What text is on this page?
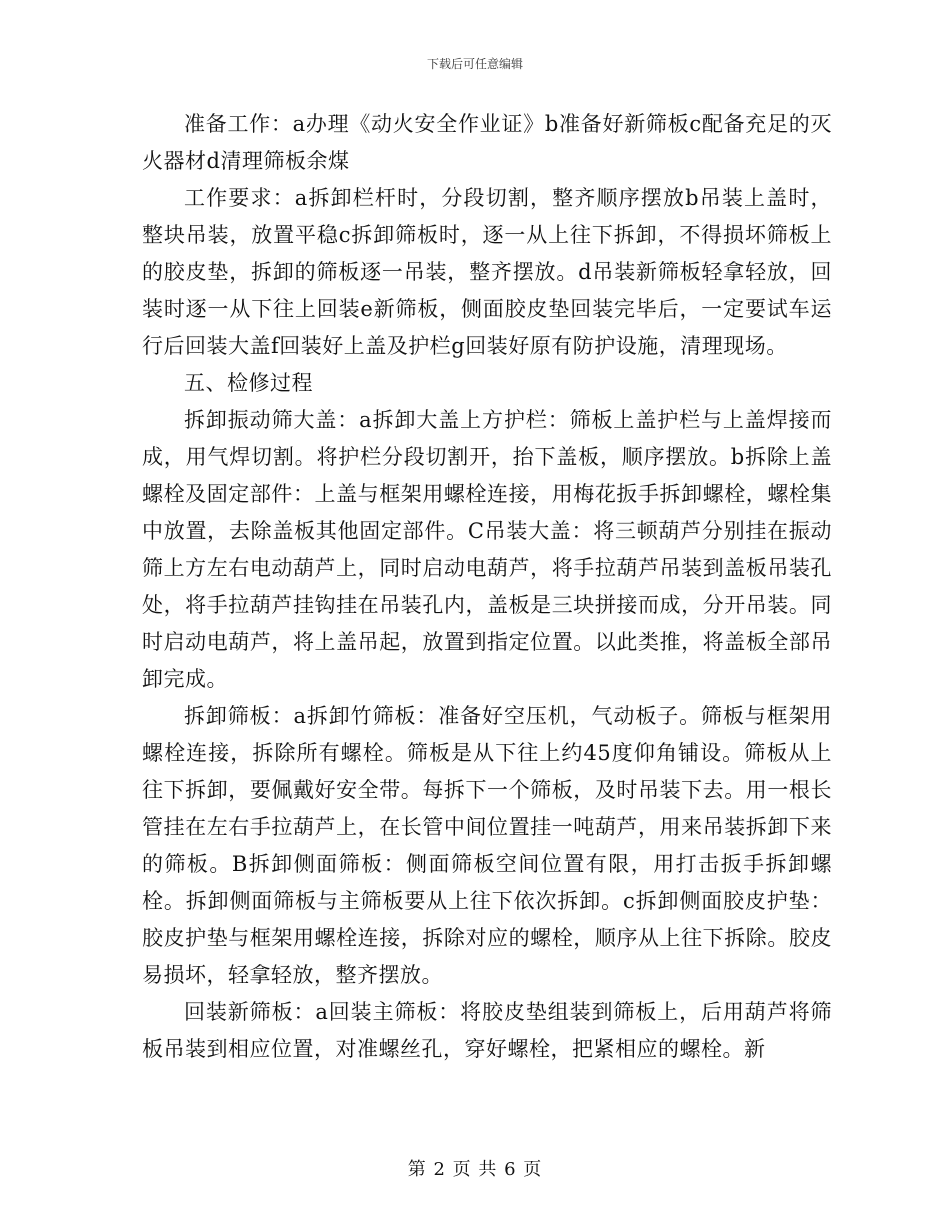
下载后可任意编辑

准备工作：a办理《动火安全作业证》b准备好新筛板c配备充足的灭火器材d清理筛板余煤

工作要求：a拆卸栏杆时，分段切割，整齐顺序摆放b吊装上盖时，整块吊装，放置平稳c拆卸筛板时，逐一从上往下拆卸，不得损坏筛板上的胶皮垫，拆卸的筛板逐一吊装，整齐摆放。d吊装新筛板轻拿轻放，回装时逐一从下往上回装e新筛板，侧面胶皮垫回装完毕后，一定要试车运行后回装大盖f回装好上盖及护栏g回装好原有防护设施，清理现场。

五、检修过程

拆卸振动筛大盖：a拆卸大盖上方护栏：筛板上盖护栏与上盖焊接而成，用气焊切割。将护栏分段切割开，抬下盖板，顺序摆放。b拆除上盖螺栓及固定部件：上盖与框架用螺栓连接，用梅花扳手拆卸螺栓，螺栓集中放置，去除盖板其他固定部件。C吊装大盖：将三顿葫芦分别挂在振动筛上方左右电动葫芦上，同时启动电葫芦，将手拉葫芦吊装到盖板吊装孔处，将手拉葫芦挂钩挂在吊装孔内，盖板是三块拼接而成，分开吊装。同时启动电葫芦，将上盖吊起，放置到指定位置。以此类推，将盖板全部吊卸完成。

拆卸筛板：a拆卸竹筛板：准备好空压机，气动板子。筛板与框架用螺栓连接，拆除所有螺栓。筛板是从下往上约45度仰角铺设。筛板从上往下拆卸，要佩戴好安全带。每拆下一个筛板，及时吊装下去。用一根长管挂在左右手拉葫芦上，在长管中间位置挂一吨葫芦，用来吊装拆卸下来的筛板。B拆卸侧面筛板：侧面筛板空间位置有限，用打击扳手拆卸螺栓。拆卸侧面筛板与主筛板要从上往下依次拆卸。c拆卸侧面胶皮护垫：胶皮护垫与框架用螺栓连接，拆除对应的螺栓，顺序从上往下拆除。胶皮易损坏，轻拿轻放，整齐摆放。

回装新筛板：a回装主筛板：将胶皮垫组装到筛板上，后用葫芦将筛板吊装到相应位置，对准螺丝孔，穿好螺栓，把紧相应的螺栓。新

第 2 页 共 6 页
